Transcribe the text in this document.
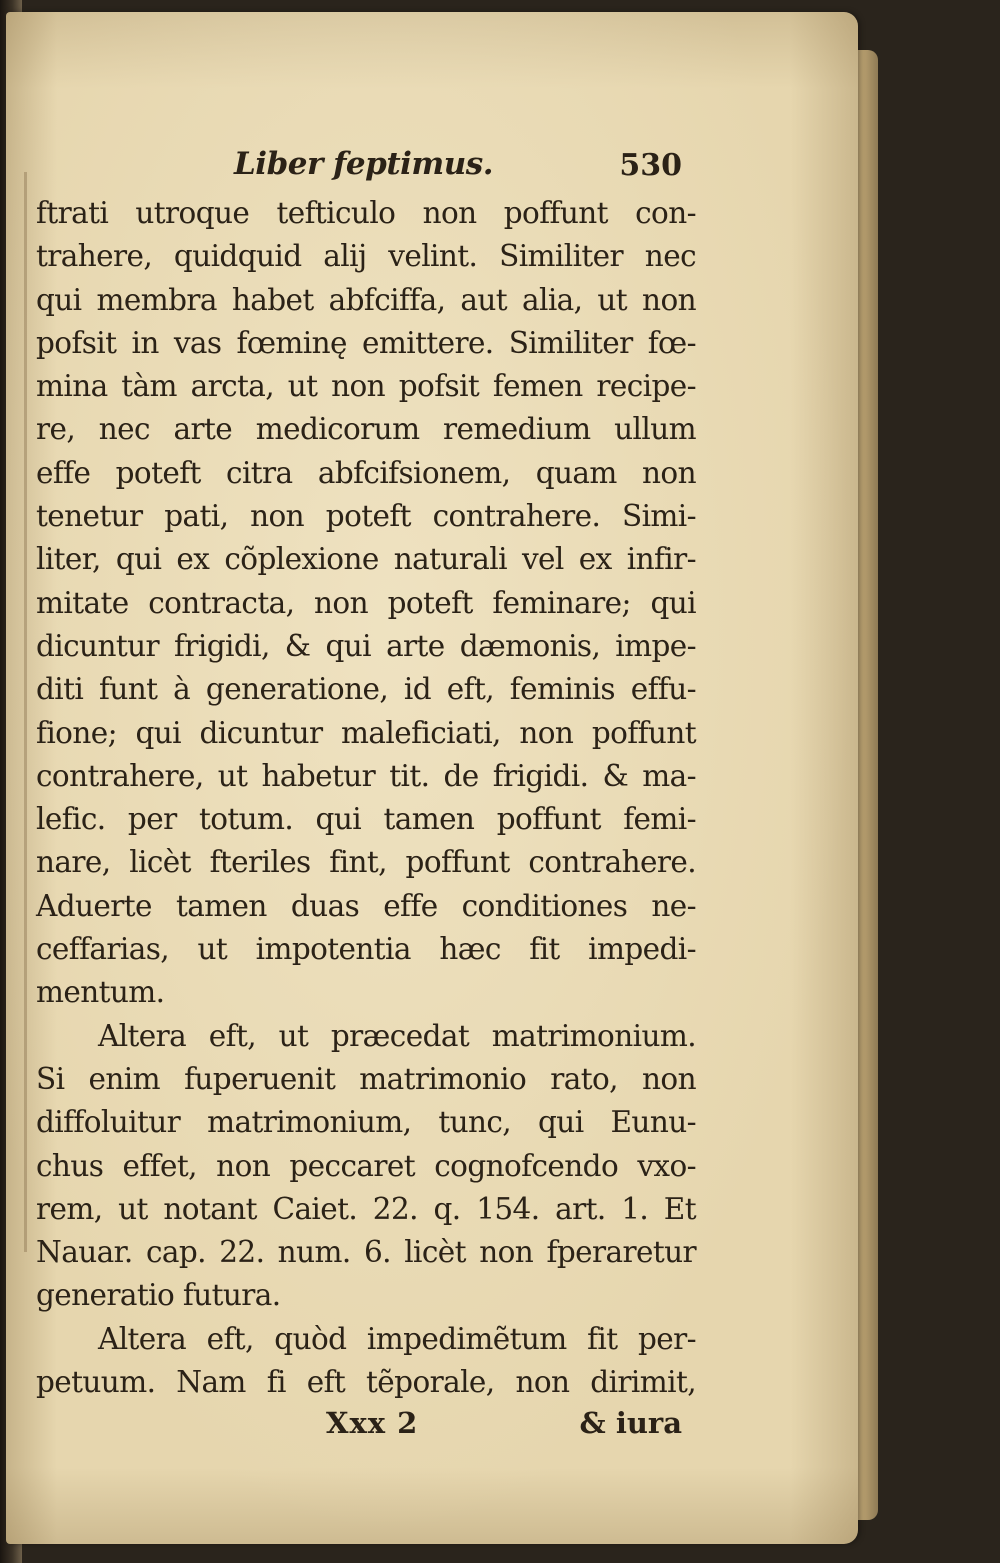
Liber feptimus.	530
ftrati utroque tefticulo non poffunt con-
trahere, quidquid alij velint. Similiter nec
qui membra habet abfciffa, aut alia, ut non
pofsit in vas fœminę emittere. Similiter fœ-
mina tàm arcta, ut non pofsit femen recipe-
re, nec arte medicorum remedium ullum
effe poteft citra abfcifsionem, quam non
tenetur pati, non poteft contrahere. Simi-
liter, qui ex cõplexione naturali vel ex infir-
mitate contracta, non poteft feminare; qui
dicuntur frigidi, & qui arte dæmonis, impe-
diti funt à generatione, id eft, feminis effu-
fione; qui dicuntur maleficiati, non poffunt
contrahere, ut habetur tit. de frigidi. & ma-
lefic. per totum. qui tamen poffunt femi-
nare, licèt fteriles fint, poffunt contrahere.
Aduerte tamen duas effe conditiones ne-
ceffarias, ut impotentia hæc fit impedi-
mentum.
Altera eft, ut præcedat matrimonium.
Si enim fuperuenit matrimonio rato, non
diffoluitur matrimonium, tunc, qui Eunu-
chus effet, non peccaret cognofcendo vxo-
rem, ut notant Caiet. 22. q. 154. art. 1. Et
Nauar. cap. 22. num. 6. licèt non fperaretur
generatio futura.
Altera eft, quòd impedimẽtum fit per-
petuum. Nam fi eft tẽporale, non dirimit,
Xxx 2	& iura
